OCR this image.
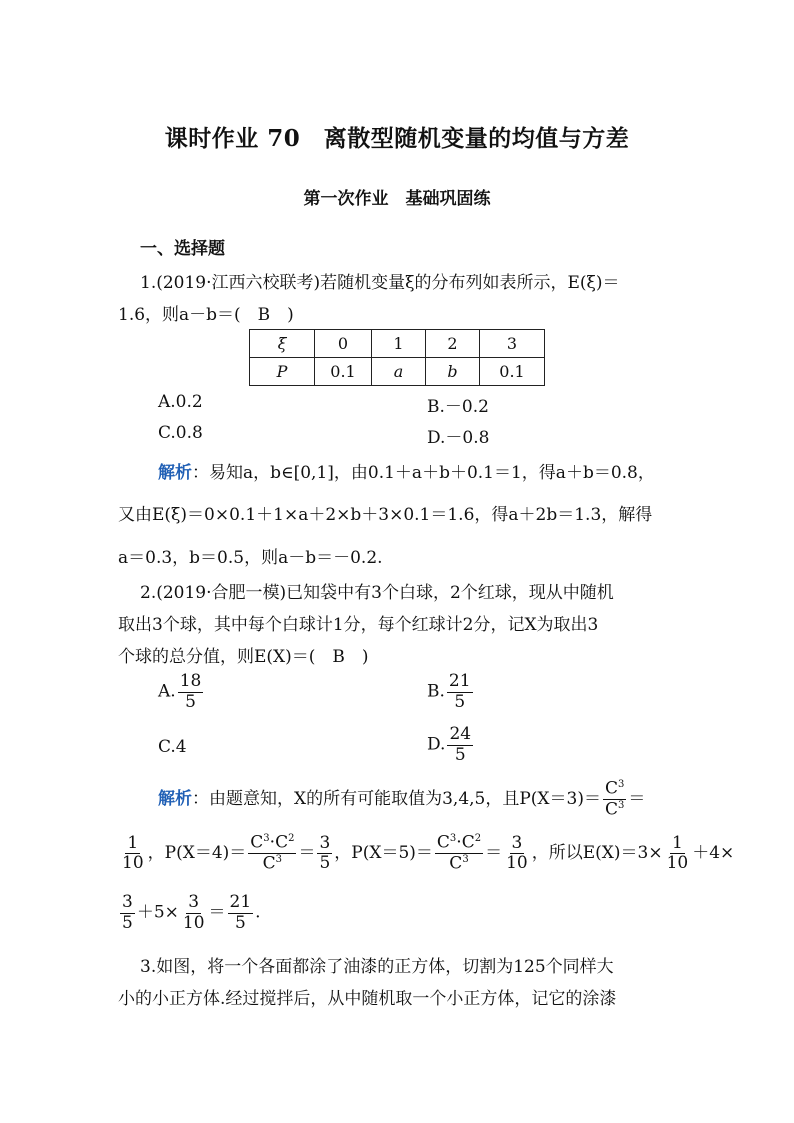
课时作业 70　离散型随机变量的均值与方差
第一次作业　基础巩固练
一、选择题
1.(2019·江西六校联考)若随机变量ξ的分布列如表所示，E(ξ)＝
1.6，则a－b＝(　B　)
ξ	0	1	2	3
P	0.1	a	b	0.1
A.0.2	B.－0.2
C.0.8	D.－0.8
解析：易知a，b∈[0,1]，由0.1＋a＋b＋0.1＝1，得a＋b＝0.8，
又由E(ξ)＝0×0.1＋1×a＋2×b＋3×0.1＝1.6，得a＋2b＝1.3，解得
a＝0.3，b＝0.5，则a－b＝－0.2.
2.(2019·合肥一模)已知袋中有3个白球，2个红球，现从中随机
取出3个球，其中每个白球计1分，每个红球计2分，记X为取出3
个球的总分值，则E(X)＝(　B　)
A. $\frac{18}{5}$	B. $\frac{21}{5}$
C.4	D. $\frac{24}{5}$
解析：由题意知，X的所有可能取值为3,4,5，且$P(X=3)= \frac{C^3}{C^3}$ ＝
$\frac{1}{10}$ ，$P(X=4)= \frac{C^3\cdot C^2}{C^3} = \frac{3}{5}$ ，$P(X=5)= \frac{C^3\cdot C^2}{C^3} = \frac{3}{10}$ ，所以$E(X)=3\times \frac{1}{10} +4\times$
$\frac{3}{5} +5\times \frac{3}{10} = \frac{21}{5}$ .
3.如图，将一个各面都涂了油漆的正方体，切割为125个同样大
小的小正方体.经过搅拌后，从中随机取一个小正方体，记它的涂漆
